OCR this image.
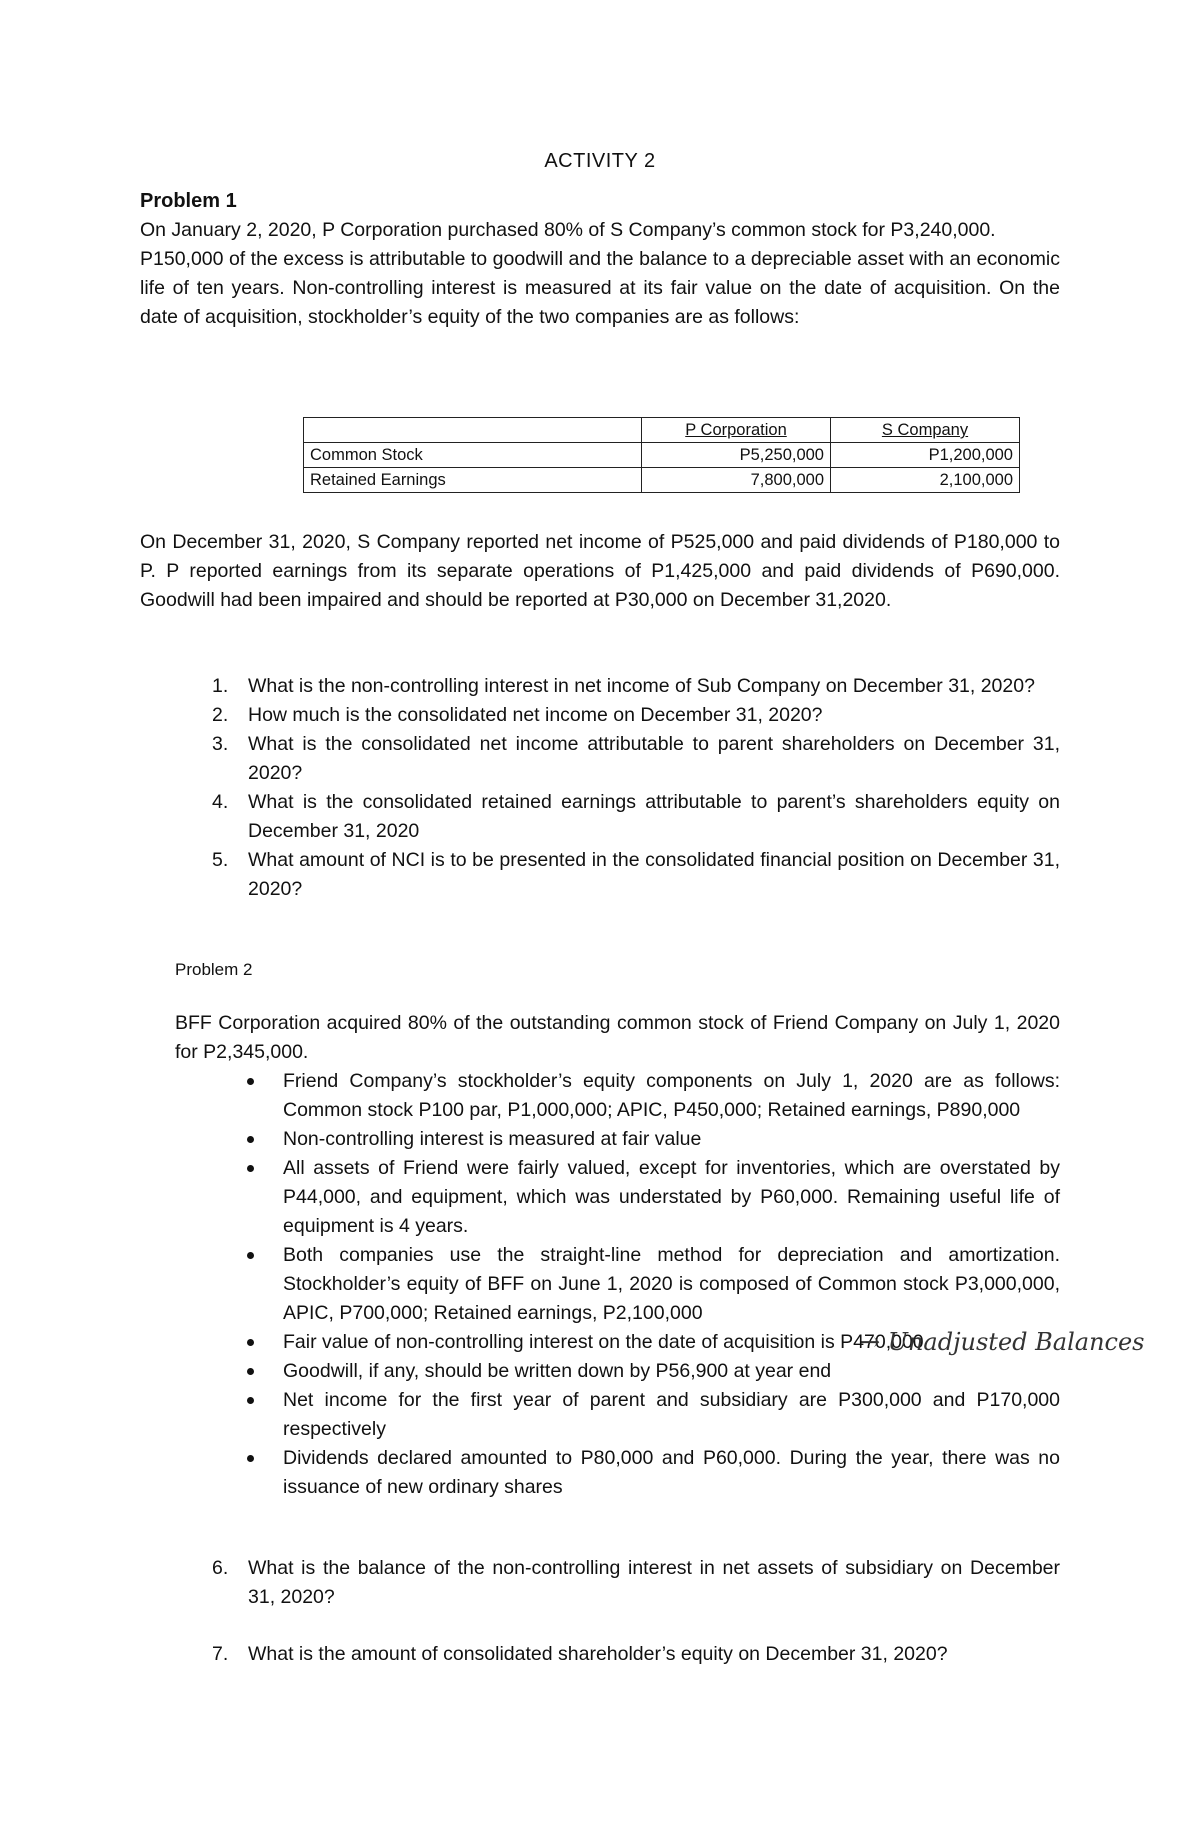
ACTIVITY 2
Problem 1

On January 2, 2020, P Corporation purchased 80% of S Company’s common stock for P3,240,000.

P150,000 of the excess is attributable to goodwill and the balance to a depreciable asset with an economic life of ten years. Non-controlling interest is measured at its fair value on the date of acquisition. On the date of acquisition, stockholder’s equity of the two companies are as follows:

	P Corporation	S Company
Common Stock	P5,250,000	P1,200,000
Retained Earnings	7,800,000	2,100,000
On December 31, 2020, S Company reported net income of P525,000 and paid dividends of P180,000 to P. P reported earnings from its separate operations of P1,425,000 and paid dividends of P690,000. Goodwill had been impaired and should be reported at P30,000 on December 31,2020.
1. What is the non-controlling interest in net income of Sub Company on December 31, 2020?
2. How much is the consolidated net income on December 31, 2020?
3. What is the consolidated net income attributable to parent shareholders on December 31, 2020?
4. What is the consolidated retained earnings attributable to parent’s shareholders equity on December 31, 2020
5. What amount of NCI is to be presented in the consolidated financial position on December 31, 2020?
Problem 2
BFF Corporation acquired 80% of the outstanding common stock of Friend Company on July 1, 2020 for P2,345,000.
Friend Company’s stockholder’s equity components on July 1, 2020 are as follows: Common stock P100 par, P1,000,000; APIC, P450,000; Retained earnings, P890,000
Non-controlling interest is measured at fair value
All assets of Friend were fairly valued, except for inventories, which are overstated by P44,000, and equipment, which was understated by P60,000. Remaining useful life of equipment is 4 years.
Both companies use the straight-line method for depreciation and amortization. Stockholder’s equity of BFF on June 1, 2020 is composed of Common stock P3,000,000, APIC, P700,000; Retained earnings, P2,100,000
Fair value of non-controlling interest on the date of acquisition is P470,000
Goodwill, if any, should be written down by P56,900 at year end
Net income for the first year of parent and subsidiary are P300,000 and P170,000 respectively
Dividends declared amounted to P80,000 and P60,000. During the year, there was no issuance of new ordinary shares
→ Unadjusted Balances
6. What is the balance of the non-controlling interest in net assets of subsidiary on December 31, 2020?
7. What is the amount of consolidated shareholder’s equity on December 31, 2020?
